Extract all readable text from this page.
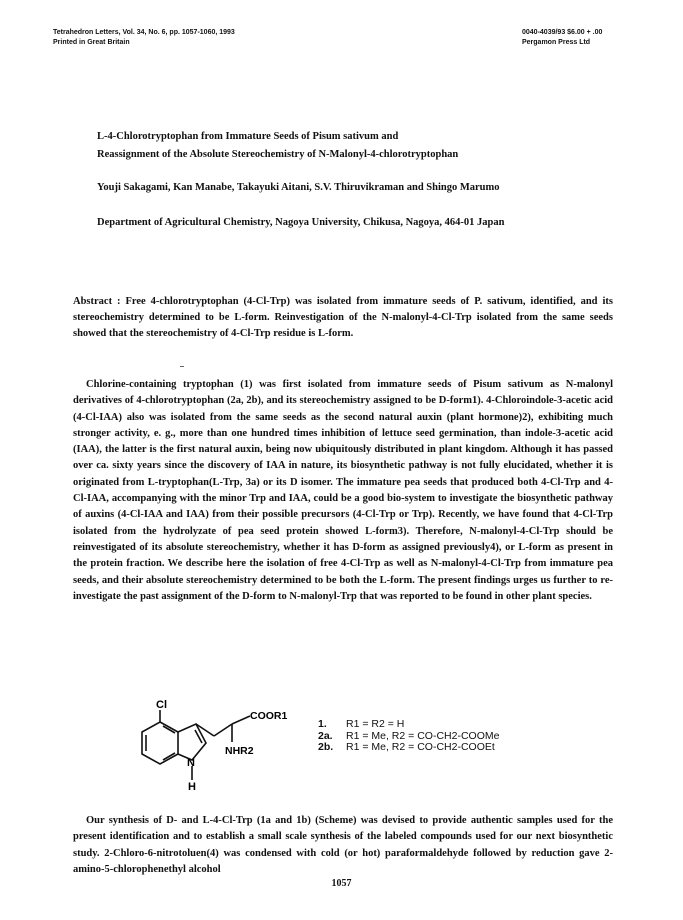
Tetrahedron Letters, Vol. 34, No. 6, pp. 1057-1060, 1993
Printed in Great Britain
0040-4039/93 $6.00 + .00
Pergamon Press Ltd
L-4-Chlorotryptophan from Immature Seeds of Pisum sativum and
Reassignment of the Absolute Stereochemistry of N-Malonyl-4-chlorotryptophan
Youji Sakagami, Kan Manabe, Takayuki Aitani, S.V. Thiruvikraman and Shingo Marumo
Department of Agricultural Chemistry, Nagoya University, Chikusa, Nagoya, 464-01 Japan
Abstract : Free 4-chlorotryptophan (4-Cl-Trp) was isolated from immature seeds of P. sativum, identified, and its stereochemistry determined to be L-form. Reinvestigation of the N-malonyl-4-Cl-Trp isolated from the same seeds showed that the stereochemistry of 4-Cl-Trp residue is L-form.
Chlorine-containing tryptophan (1) was first isolated from immature seeds of Pisum sativum as N-malonyl derivatives of 4-chlorotryptophan (2a, 2b), and its stereochemistry assigned to be D-form1). 4-Chloroindole-3-acetic acid (4-Cl-IAA) also was isolated from the same seeds as the second natural auxin (plant hormone)2), exhibiting much stronger activity, e. g., more than one hundred times inhibition of lettuce seed germination, than indole-3-acetic acid (IAA), the latter is the first natural auxin, being now ubiquitously distributed in plant kingdom. Although it has passed over ca. sixty years since the discovery of IAA in nature, its biosynthetic pathway is not fully elucidated, whether it is originated from L-tryptophan(L-Trp, 3a) or its D isomer. The immature pea seeds that produced both 4-Cl-Trp and 4-Cl-IAA, accompanying with the minor Trp and IAA, could be a good bio-system to investigate the biosynthetic pathway of auxins (4-Cl-IAA and IAA) from their possible precursors (4-Cl-Trp or Trp). Recently, we have found that 4-Cl-Trp isolated from the hydrolyzate of pea seed protein showed L-form3). Therefore, N-malonyl-4-Cl-Trp should be reinvestigated of its absolute stereochemistry, whether it has D-form as assigned previously4), or L-form as present in the protein fraction. We describe here the isolation of free 4-Cl-Trp as well as N-malonyl-4-Cl-Trp from immature pea seeds, and their absolute stereochemistry determined to be both the L-form. The present findings urges us further to re-investigate the past assignment of the D-form to N-malonyl-Trp that was reported to be found in other plant species.
Cl
COOR1
NHR2
N
H
1. R1 = R2 = H
2a. R1 = Me, R2 = CO-CH2-COOMe
2b. R1 = Me, R2 = CO-CH2-COOEt
Our synthesis of D- and L-4-Cl-Trp (1a and 1b) (Scheme) was devised to provide authentic samples used for the present identification and to establish a small scale synthesis of the labeled compounds used for our next biosynthetic study. 2-Chloro-6-nitrotoluen(4) was condensed with cold (or hot) paraformaldehyde followed by reduction gave 2-amino-5-chlorophenethyl alcohol
1057
